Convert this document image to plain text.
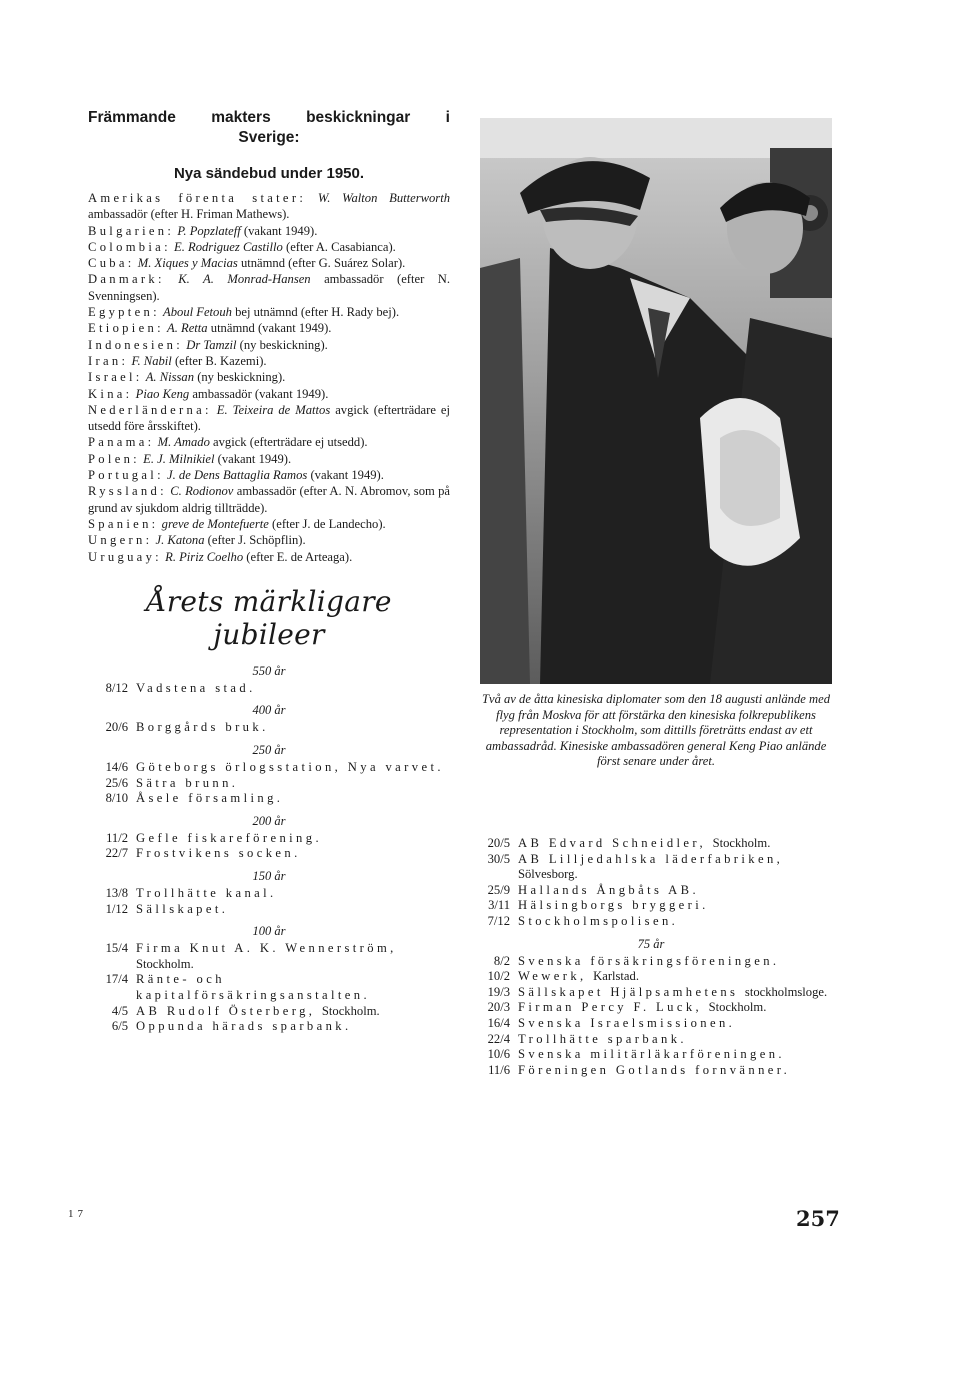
Främmande makters beskickningar i
Sverige:
Nya sändebud under 1950.

Amerikas förenta stater: W. Walton Butterworth ambassadör (efter H. Friman Mathews).

Bulgarien: P. Popzlateff (vakant 1949).

Colombia: E. Rodriguez Castillo (efter A. Casabianca).

Cuba: M. Xiques y Macias utnämnd (efter G. Suárez Solar).

Danmark: K. A. Monrad-Hansen ambassadör (efter N. Svenningsen).

Egypten: Aboul Fetouh bej utnämnd (efter H. Rady bej).

Etiopien: A. Retta utnämnd (vakant 1949).

Indonesien: Dr Tamzil (ny beskickning).

Iran: F. Nabil (efter B. Kazemi).

Israel: A. Nissan (ny beskickning).

Kina: Piao Keng ambassadör (vakant 1949).

Nederländerna: E. Teixeira de Mattos avgick (efterträdare ej utsedd före årsskiftet).

Panama: M. Amado avgick (efterträdare ej utsedd).

Polen: E. J. Milnikiel (vakant 1949).

Portugal: J. de Dens Battaglia Ramos (vakant 1949).

Ryssland: C. Rodionov ambassadör (efter A. N. Abromov, som på grund av sjukdom aldrig tillträdde).

Spanien: greve de Montefuerte (efter J. de Landecho).

Ungern: J. Katona (efter J. Schöpflin).

Uruguay: R. Piriz Coelho (efter E. de Arteaga).

Årets märkligare jubileer
550 år
8/12 Vadstena stad.
400 år
20/6 Borggårds bruk.
250 år
14/6 Göteborgs örlogsstation, Nya varvet.
25/6 Sätra brunn.
8/10 Åsele församling.
200 år
11/2 Gefle fiskareförening.
22/7 Frostvikens socken.
150 år
13/8 Trollhätte kanal.
1/12 Sällskapet.
100 år
15/4 Firma Knut A. K. Wennerström, Stockholm.
17/4 Ränte- och kapitalförsäkringsanstalten.
4/5 AB Rudolf Österberg, Stockholm.
6/5 Oppunda härads sparbank.
Två av de åtta kinesiska diplomater som den 18 augusti anlände med flyg från Moskva för att förstärka den kinesiska folkrepublikens representation i Stockholm, som dittills företrätts endast av ett ambassadråd. Kinesiske ambassadören general Keng Piao anlände först senare under året.
20/5 AB Edvard Schneidler, Stockholm.
30/5 AB Lilljedahlska läderfabriken, Sölvesborg.
25/9 Hallands Ångbåts AB.
3/11 Hälsingborgs bryggeri.
7/12 Stockholmspolisen.
75 år
8/2 Svenska försäkringsföreningen.
10/2 Wewerk, Karlstad.
19/3 Sällskapet Hjälpsamhetens stockholmsloge.
20/3 Firman Percy F. Luck, Stockholm.
16/4 Svenska Israelsmissionen.
22/4 Trollhätte sparbank.
10/6 Svenska militärläkarföreningen.
11/6 Föreningen Gotlands fornvänner.
17	257
